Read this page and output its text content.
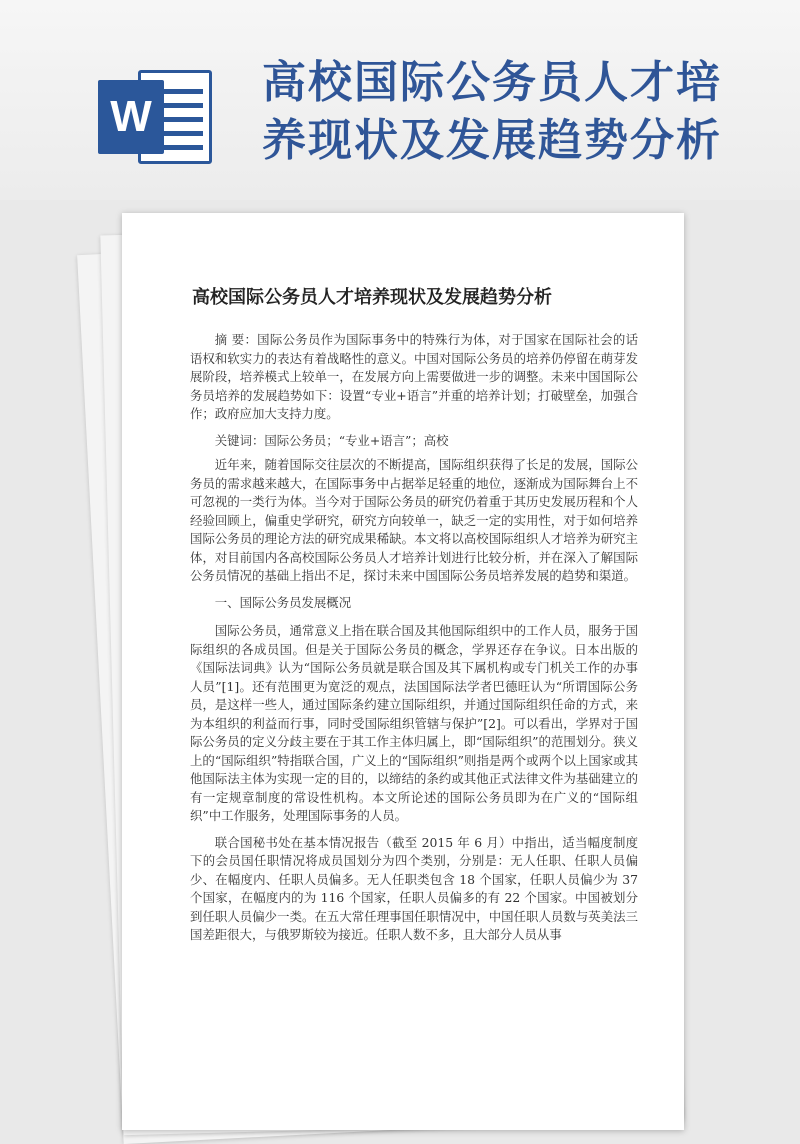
W
高校国际公务员人才培
养现状及发展趋势分析
高校国际公务员人才培养现状及发展趋势分析

摘 要：国际公务员作为国际事务中的特殊行为体，对于国家在国际社会的话语权和软实力的表达有着战略性的意义。中国对国际公务员的培养仍停留在萌芽发展阶段，培养模式上较单一，在发展方向上需要做进一步的调整。未来中国国际公务员培养的发展趋势如下：设置“专业+语言”并重的培养计划；打破壁垒，加强合作；政府应加大支持力度。

关键词：国际公务员；“专业+语言”；高校

近年来，随着国际交往层次的不断提高，国际组织获得了长足的发展，国际公务员的需求越来越大，在国际事务中占据举足轻重的地位，逐渐成为国际舞台上不可忽视的一类行为体。当今对于国际公务员的研究仍着重于其历史发展历程和个人经验回顾上，偏重史学研究，研究方向较单一，缺乏一定的实用性，对于如何培养国际公务员的理论方法的研究成果稀缺。本文将以高校国际组织人才培养为研究主体，对目前国内各高校国际公务员人才培养计划进行比较分析，并在深入了解国际公务员情况的基础上指出不足，探讨未来中国国际公务员培养发展的趋势和渠道。

一、国际公务员发展概况

国际公务员，通常意义上指在联合国及其他国际组织中的工作人员，服务于国际组织的各成员国。但是关于国际公务员的概念，学界还存在争议。日本出版的《国际法词典》认为“国际公务员就是联合国及其下属机构或专门机关工作的办事人员”[1]。还有范围更为宽泛的观点，法国国际法学者巴德旺认为“所谓国际公务员，是这样一些人，通过国际条约建立国际组织，并通过国际组织任命的方式，来为本组织的利益而行事，同时受国际组织管辖与保护”[2]。可以看出，学界对于国际公务员的定义分歧主要在于其工作主体归属上，即“国际组织”的范围划分。狭义上的“国际组织”特指联合国，广义上的“国际组织”则指是两个或两个以上国家或其他国际法主体为实现一定的目的，以缔结的条约或其他正式法律文件为基础建立的有一定规章制度的常设性机构。本文所论述的国际公务员即为在广义的“国际组织”中工作服务，处理国际事务的人员。

联合国秘书处在基本情况报告（截至 2015 年 6 月）中指出，适当幅度制度下的会员国任职情况将成员国划分为四个类别，分别是：无人任职、任职人员偏少、在幅度内、任职人员偏多。无人任职类包含 18 个国家，任职人员偏少为 37 个国家，在幅度内的为 116 个国家，任职人员偏多的有 22 个国家。中国被划分到任职人员偏少一类。在五大常任理事国任职情况中，中国任职人员数与英美法三国差距很大，与俄罗斯较为接近。任职人数不多，且大部分人员从事
